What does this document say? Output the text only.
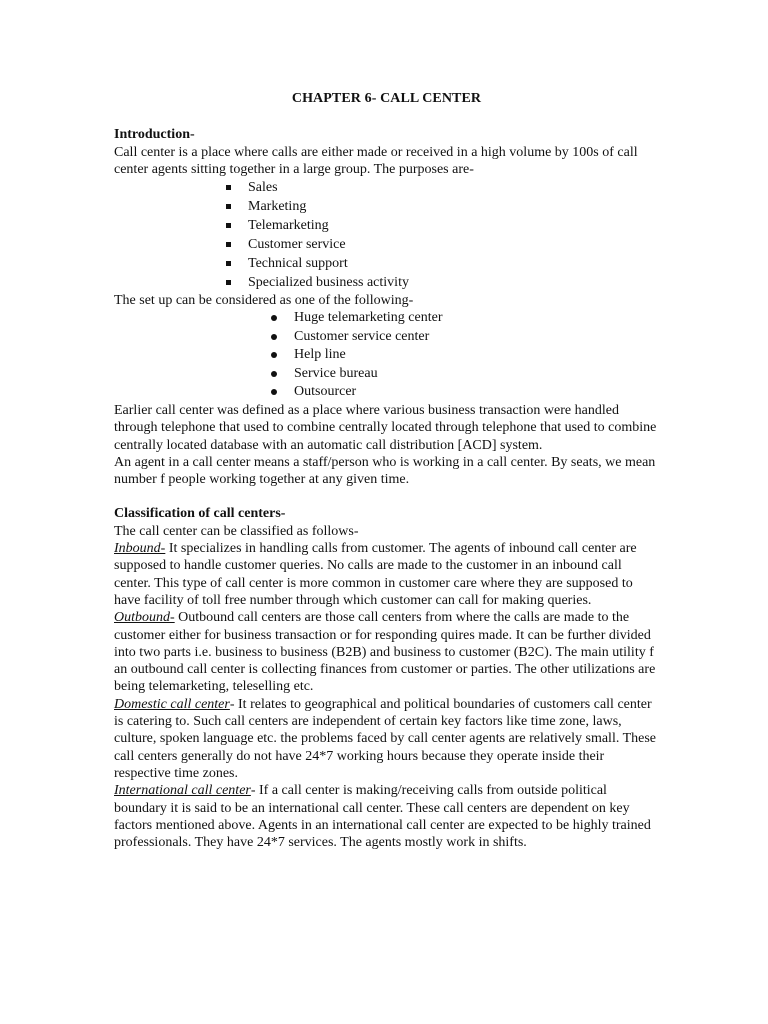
CHAPTER 6- CALL CENTER

Introduction-

Call center is a place where calls are either made or received in a high volume by 100s of call center agents sitting together in a large group. The purposes are-

Sales
Marketing
Telemarketing
Customer service
Technical support
Specialized business activity

The set up can be considered as one of the following-

Huge telemarketing center
Customer service center
Help line
Service bureau
Outsourcer

Earlier call center was defined as a place where various business transaction were handled through telephone that used to combine centrally located through telephone that used to combine centrally located database with an automatic call distribution [ACD] system.

An agent in a call center means a staff/person who is working in a call center. By seats, we mean number f people working together at any given time.

Classification of call centers-

The call center can be classified as follows-

Inbound- It specializes in handling calls from customer. The agents of inbound call center are supposed to handle customer queries. No calls are made to the customer in an inbound call center. This type of call center is more common in customer care where they are supposed to have facility of toll free number through which customer can call for making queries.

Outbound- Outbound call centers are those call centers from where the calls are made to the customer either for business transaction or for responding quires made. It can be further divided into two parts i.e. business to business (B2B) and business to customer (B2C). The main utility f an outbound call center is collecting finances from customer or parties. The other utilizations are being telemarketing, teleselling etc.

Domestic call center- It relates to geographical and political boundaries of customers call center is catering to. Such call centers are independent of certain key factors like time zone, laws, culture, spoken language etc. the problems faced by call center agents are relatively small. These call centers generally do not have 24*7 working hours because they operate inside their respective time zones.

International call center- If a call center is making/receiving calls from outside political boundary it is said to be an international call center. These call centers are dependent on key factors mentioned above. Agents in an international call center are expected to be highly trained professionals. They have 24*7 services. The agents mostly work in shifts.
